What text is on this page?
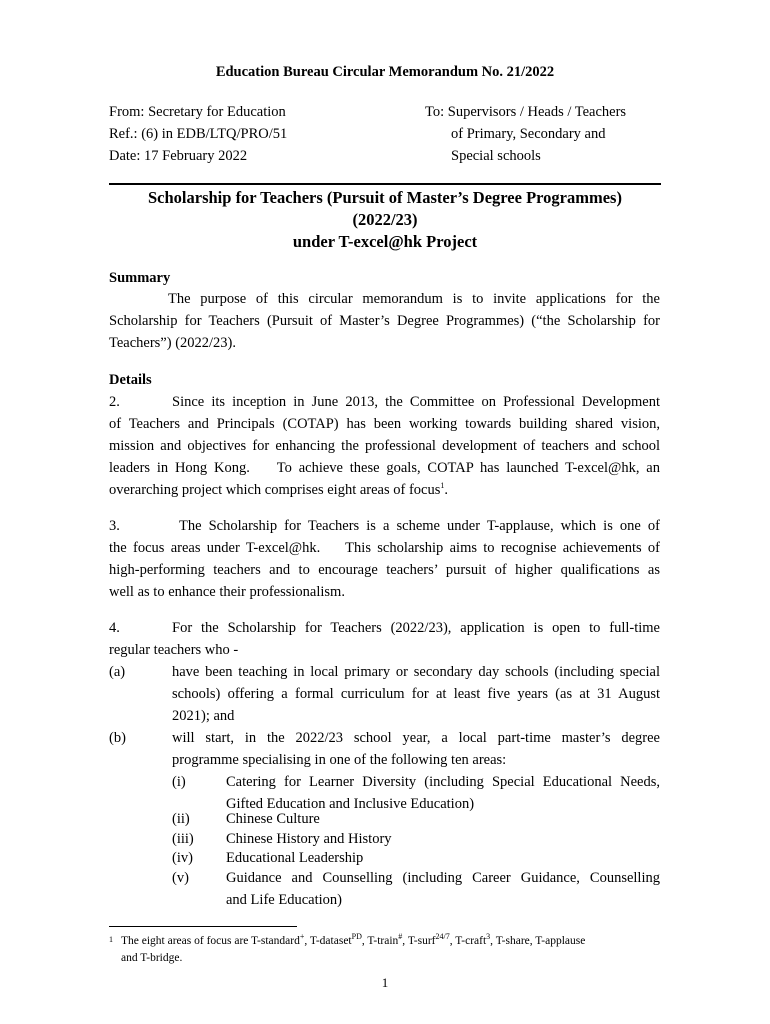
Education Bureau Circular Memorandum No. 21/2022
From: Secretary for Education
Ref.: (6) in EDB/LTQ/PRO/51
Date: 17 February 2022
To: Supervisors / Heads / Teachers
of Primary, Secondary and
Special schools
Scholarship for Teachers (Pursuit of Master’s Degree Programmes)
(2022/23)
under T-excel@hk Project
Summary
The purpose of this circular memorandum is to invite applications for the
Scholarship for Teachers (Pursuit of Master’s Degree Programmes) (“the Scholarship for
Teachers”) (2022/23).
Details
2.	Since its inception in June 2013, the Committee on Professional Development
of Teachers and Principals (COTAP) has been working towards building shared vision,
mission and objectives for enhancing the professional development of teachers and school
leaders in Hong Kong.    To achieve these goals, COTAP has launched T-excel@hk, an
overarching project which comprises eight areas of focus$^1$.
3.	The Scholarship for Teachers is a scheme under T-applause, which is one of
the focus areas under T-excel@hk.    This scholarship aims to recognise achievements of
high-performing teachers and to encourage teachers’ pursuit of higher qualifications as
well as to enhance their professionalism.
4.	For the Scholarship for Teachers (2022/23), application is open to full-time
regular teachers who -
(a)	have been teaching in local primary or secondary day schools (including special
schools) offering a formal curriculum for at least five years (as at 31 August
2021); and
(b)	will start, in the 2022/23 school year, a local part-time master’s degree
programme specialising in one of the following ten areas:
(i)	Catering for Learner Diversity (including Special Educational Needs,
Gifted Education and Inclusive Education)
(ii)	Chinese Culture
(iii) Chinese History and History
(iv) Educational Leadership
(v)	Guidance and Counselling (including Career Guidance, Counselling
and Life Education)
1 The eight areas of focus are T-standard+, T-dataset$^{PD}$, T-train#, T-surf$^{24/7}$, T-craft$^3$, T-share, T-applause
and T-bridge.
1
